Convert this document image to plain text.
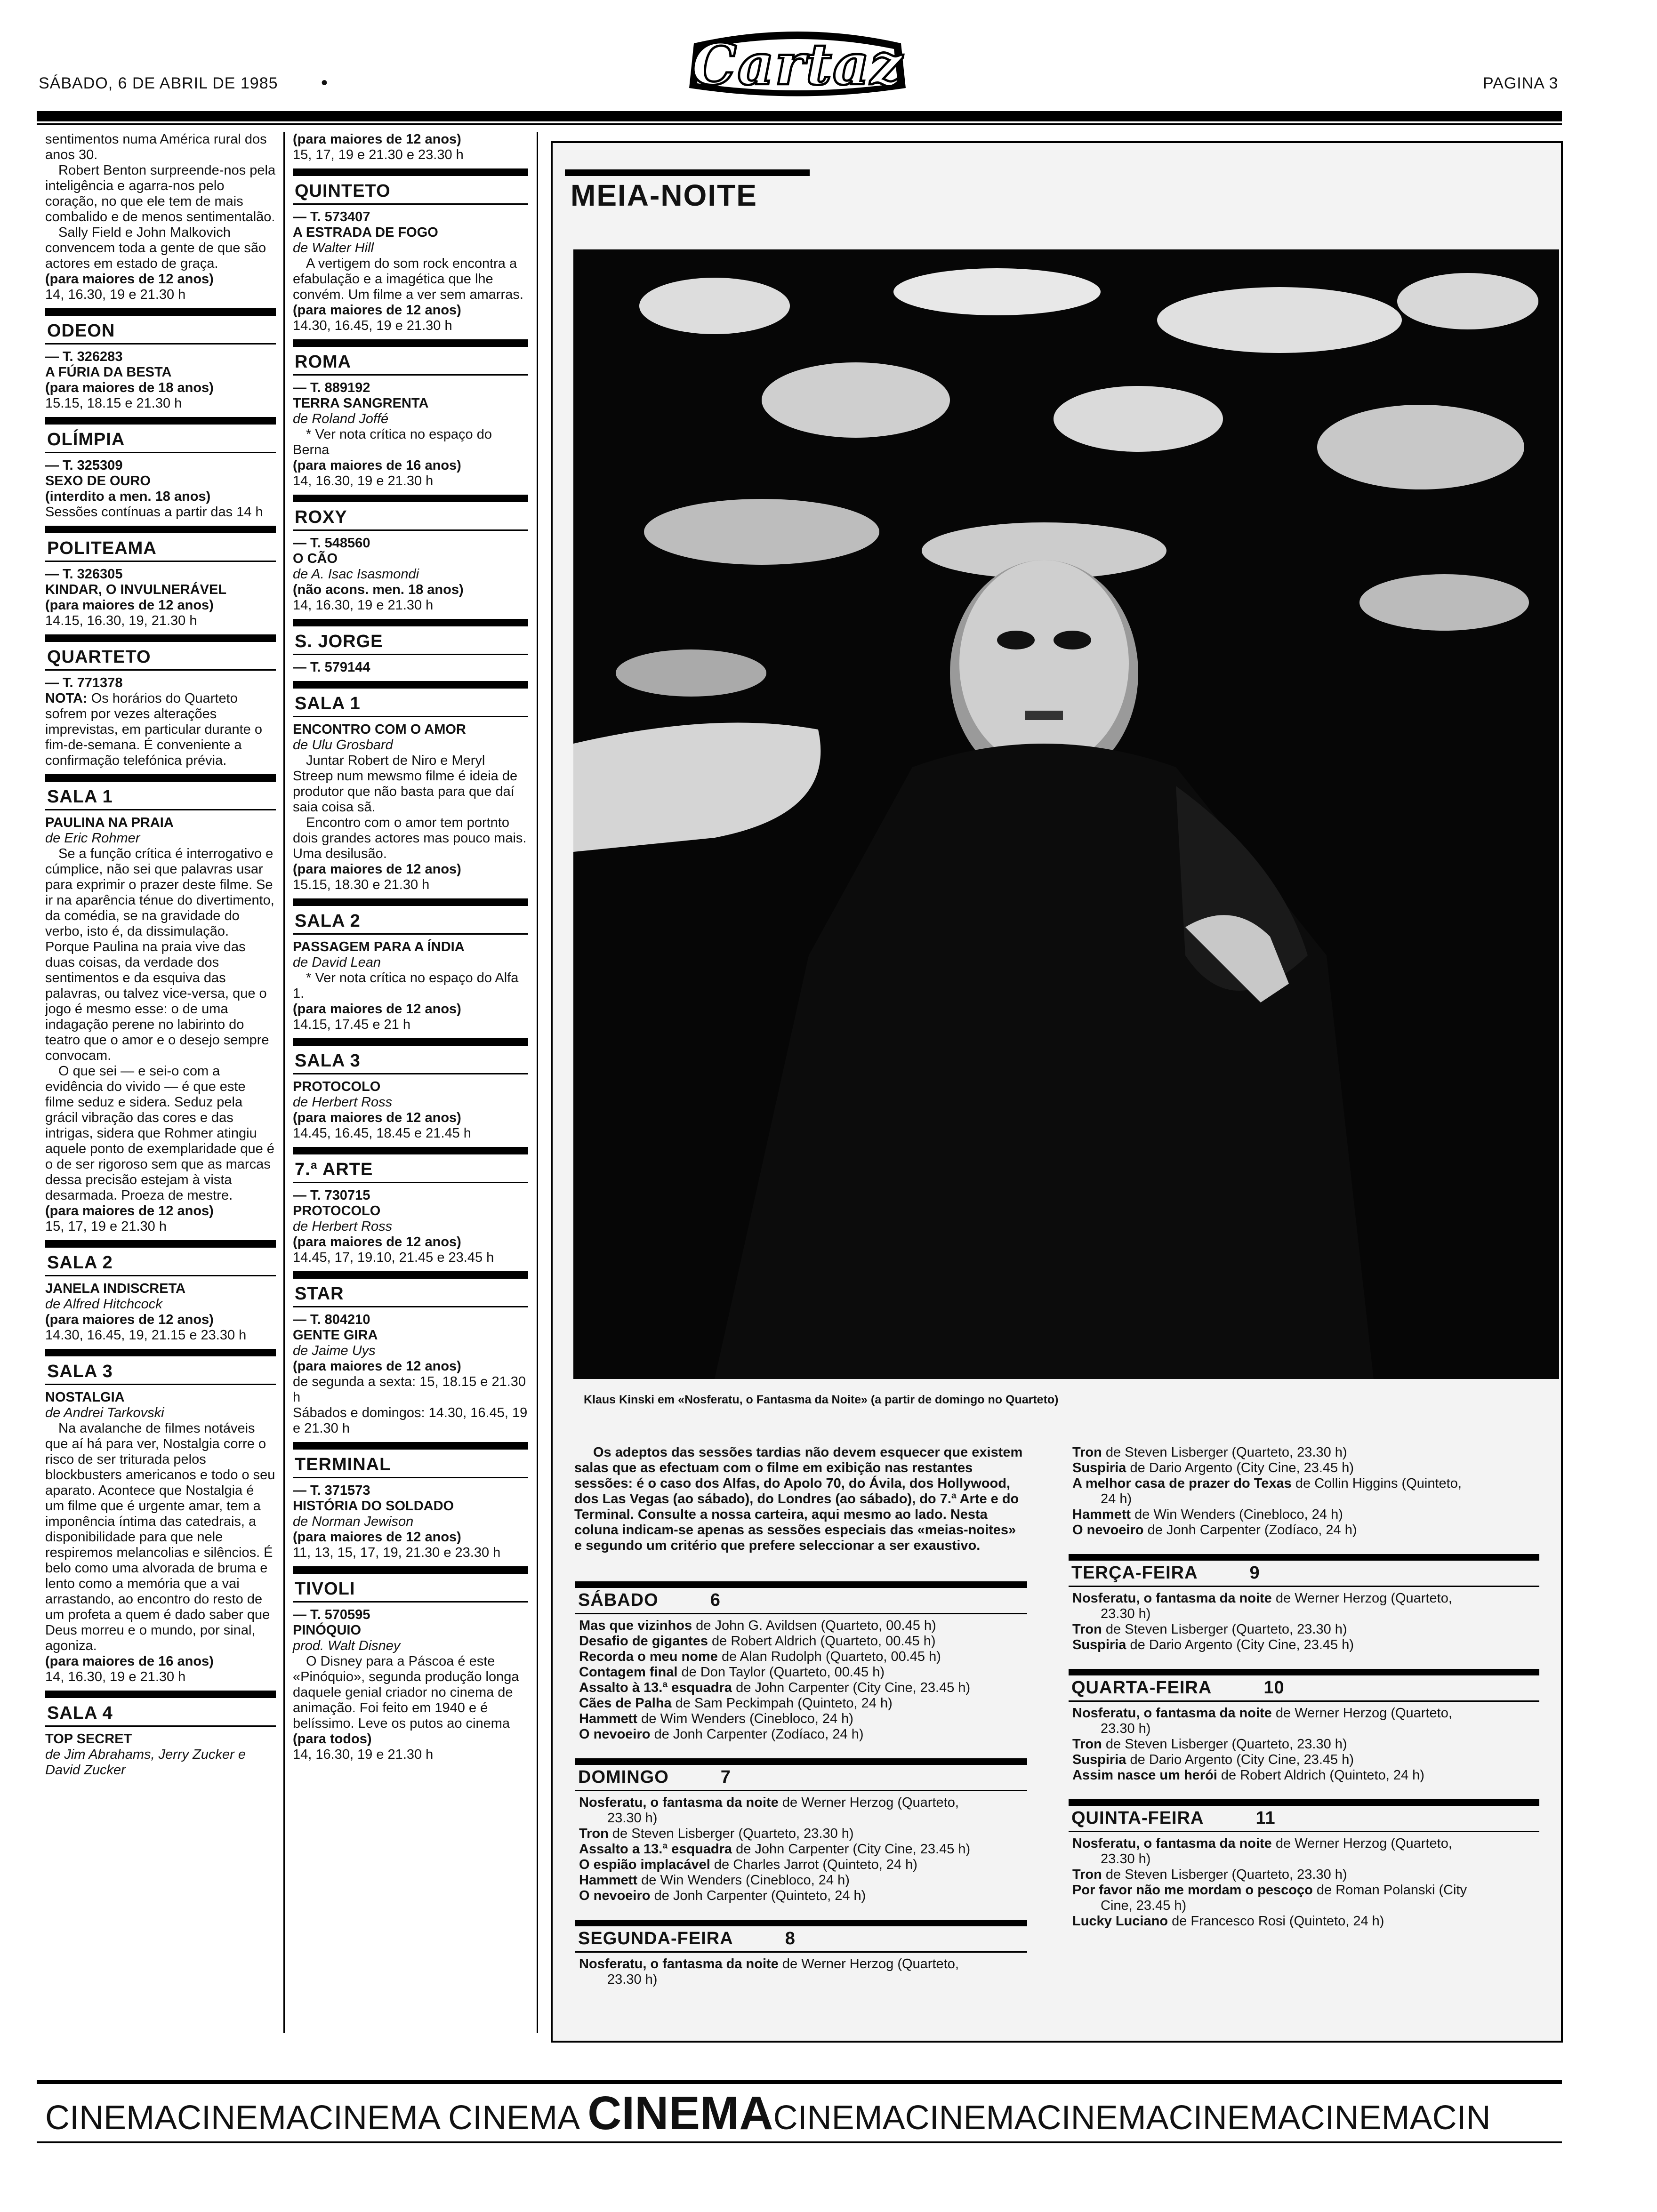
SÁBADO, 6 DE ABRIL DE 1985 •	Cartaz	PAGINA 3

sentimentos numa América rural dos anos 30.

Robert Benton surpreende-nos pela inteligência e agarra-nos pelo coração, no que ele tem de mais combalido e de menos sentimentalão.

Sally Field e John Malkovich convencem toda a gente de que são actores em estado de graça.

(para maiores de 12 anos)

14, 16.30, 19 e 21.30 h

ODEON

— T. 326283

A FÚRIA DA BESTA

(para maiores de 18 anos)

15.15, 18.15 e 21.30 h

OLÍMPIA

— T. 325309

SEXO DE OURO

(interdito a men. 18 anos)

Sessões contínuas a partir das 14 h

POLITEAMA

— T. 326305

KINDAR, O INVULNERÁVEL

(para maiores de 12 anos)

14.15, 16.30, 19, 21.30 h

QUARTETO

— T. 771378

NOTA: Os horários do Quarteto sofrem por vezes alterações imprevistas, em particular durante o fim-de-semana. É conveniente a confirmação telefónica prévia.

SALA 1

PAULINA NA PRAIA

de Eric Rohmer

Se a função crítica é interrogativo e cúmplice, não sei que palavras usar para exprimir o prazer deste filme. Se ir na aparência ténue do divertimento, da comédia, se na gravidade do verbo, isto é, da dissimulação. Porque Paulina na praia vive das duas coisas, da verdade dos sentimentos e da esquiva das palavras, ou talvez vice-versa, que o jogo é mesmo esse: o de uma indagação perene no labirinto do teatro que o amor e o desejo sempre convocam.

O que sei — e sei-o com a evidência do vivido — é que este filme seduz e sidera. Seduz pela grácil vibração das cores e das intrigas, sidera que Rohmer atingiu aquele ponto de exemplaridade que é o de ser rigoroso sem que as marcas dessa precisão estejam à vista desarmada. Proeza de mestre.

(para maiores de 12 anos)

15, 17, 19 e 21.30 h

SALA 2

JANELA INDISCRETA

de Alfred Hitchcock

(para maiores de 12 anos)

14.30, 16.45, 19, 21.15 e 23.30 h

SALA 3

NOSTALGIA

de Andrei Tarkovski

Na avalanche de filmes notáveis que aí há para ver, Nostalgia corre o risco de ser triturada pelos blockbusters americanos e todo o seu aparato. Acontece que Nostalgia é um filme que é urgente amar, tem a imponência íntima das catedrais, a disponibilidade para que nele respiremos melancolias e silêncios. É belo como uma alvorada de bruma e lento como a memória que a vai arrastando, ao encontro do resto de um profeta a quem é dado saber que Deus morreu e o mundo, por sinal, agoniza.

(para maiores de 16 anos)

14, 16.30, 19 e 21.30 h

SALA 4

TOP SECRET

de Jim Abrahams, Jerry Zucker e David Zucker

(para maiores de 12 anos)

15, 17, 19 e 21.30 e 23.30 h

QUINTETO

— T. 573407

A ESTRADA DE FOGO

de Walter Hill

A vertigem do som rock encontra a efabulação e a imagética que lhe convém. Um filme a ver sem amarras.

(para maiores de 12 anos)

14.30, 16.45, 19 e 21.30 h

ROMA

— T. 889192

TERRA SANGRENTA

de Roland Joffé

* Ver nota crítica no espaço do Berna

(para maiores de 16 anos)

14, 16.30, 19 e 21.30 h

ROXY

— T. 548560

O CÃO

de A. Isac Isasmondi

(não acons. men. 18 anos)

14, 16.30, 19 e 21.30 h

S. JORGE

— T. 579144

SALA 1

ENCONTRO COM O AMOR

de Ulu Grosbard

Juntar Robert de Niro e Meryl Streep num mewsmo filme é ideia de produtor que não basta para que daí saia coisa sã.

Encontro com o amor tem portnto dois grandes actores mas pouco mais. Uma desilusão.

(para maiores de 12 anos)

15.15, 18.30 e 21.30 h

SALA 2

PASSAGEM PARA A ÍNDIA

de David Lean

* Ver nota crítica no espaço do Alfa 1.

(para maiores de 12 anos)

14.15, 17.45 e 21 h

SALA 3

PROTOCOLO

de Herbert Ross

(para maiores de 12 anos)

14.45, 16.45, 18.45 e 21.45 h

7.ª ARTE

— T. 730715

PROTOCOLO

de Herbert Ross

(para maiores de 12 anos)

14.45, 17, 19.10, 21.45 e 23.45 h

STAR

— T. 804210

GENTE GIRA

de Jaime Uys

(para maiores de 12 anos)

de segunda a sexta: 15, 18.15 e 21.30 h

Sábados e domingos: 14.30, 16.45, 19 e 21.30 h

TERMINAL

— T. 371573

HISTÓRIA DO SOLDADO

de Norman Jewison

(para maiores de 12 anos)

11, 13, 15, 17, 19, 21.30 e 23.30 h

TIVOLI

— T. 570595

PINÓQUIO

prod. Walt Disney

O Disney para a Páscoa é este «Pinóquio», segunda produção longa daquele genial criador no cinema de animação. Foi feito em 1940 e é belíssimo. Leve os putos ao cinema

(para todos)

14, 16.30, 19 e 21.30 h

MEIA-NOITE
Klaus Kinski em «Nosferatu, o Fantasma da Noite» (a partir de domingo no Quarteto)
Os adeptos das sessões tardias não devem esquecer que existem salas que as efectuam com o filme em exibição nas restantes sessões: é o caso dos Alfas, do Apolo 70, do Ávila, dos Hollywood, dos Las Vegas (ao sábado), do Londres (ao sábado), do 7.ª Arte e do Terminal. Consulte a nossa carteira, aqui mesmo ao lado. Nesta coluna indicam-se apenas as sessões especiais das «meias-noites» e segundo um critério que prefere seleccionar a ser exaustivo.
SÁBADO	6

Mas que vizinhos de John G. Avildsen (Quarteto, 00.45 h)

Desafio de gigantes de Robert Aldrich (Quarteto, 00.45 h)

Recorda o meu nome de Alan Rudolph (Quarteto, 00.45 h)

Contagem final de Don Taylor (Quarteto, 00.45 h)

Assalto à 13.ª esquadra de John Carpenter (City Cine, 23.45 h)

Cães de Palha de Sam Peckimpah (Quinteto, 24 h)

Hammett de Wim Wenders (Cinebloco, 24 h)

O nevoeiro de Jonh Carpenter (Zodíaco, 24 h)

DOMINGO	7

Nosferatu, o fantasma da noite de Werner Herzog (Quarteto,
23.30 h)

Tron de Steven Lisberger (Quarteto, 23.30 h)

Assalto a 13.ª esquadra de John Carpenter (City Cine, 23.45 h)

O espião implacável de Charles Jarrot (Quinteto, 24 h)

Hammett de Win Wenders (Cinebloco, 24 h)

O nevoeiro de Jonh Carpenter (Quinteto, 24 h)

SEGUNDA-FEIRA	8

Nosferatu, o fantasma da noite de Werner Herzog (Quarteto,
23.30 h)

Tron de Steven Lisberger (Quarteto, 23.30 h)

Suspiria de Dario Argento (City Cine, 23.45 h)

A melhor casa de prazer do Texas de Collin Higgins (Quinteto,
24 h)

Hammett de Win Wenders (Cinebloco, 24 h)

O nevoeiro de Jonh Carpenter (Zodíaco, 24 h)

TERÇA-FEIRA	9

Nosferatu, o fantasma da noite de Werner Herzog (Quarteto,
23.30 h)

Tron de Steven Lisberger (Quarteto, 23.30 h)

Suspiria de Dario Argento (City Cine, 23.45 h)

QUARTA-FEIRA	10

Nosferatu, o fantasma da noite de Werner Herzog (Quarteto,
23.30 h)

Tron de Steven Lisberger (Quarteto, 23.30 h)

Suspiria de Dario Argento (City Cine, 23.45 h)

Assim nasce um herói de Robert Aldrich (Quinteto, 24 h)

QUINTA-FEIRA	11

Nosferatu, o fantasma da noite de Werner Herzog (Quarteto,
23.30 h)

Tron de Steven Lisberger (Quarteto, 23.30 h)

Por favor não me mordam o pescoço de Roman Polanski (City
Cine, 23.45 h)

Lucky Luciano de Francesco Rosi (Quinteto, 24 h)

CINEMACINEMACINEMA CINEMA CINEMACINEMACINEMACINEMACINEMACINEMACIN
